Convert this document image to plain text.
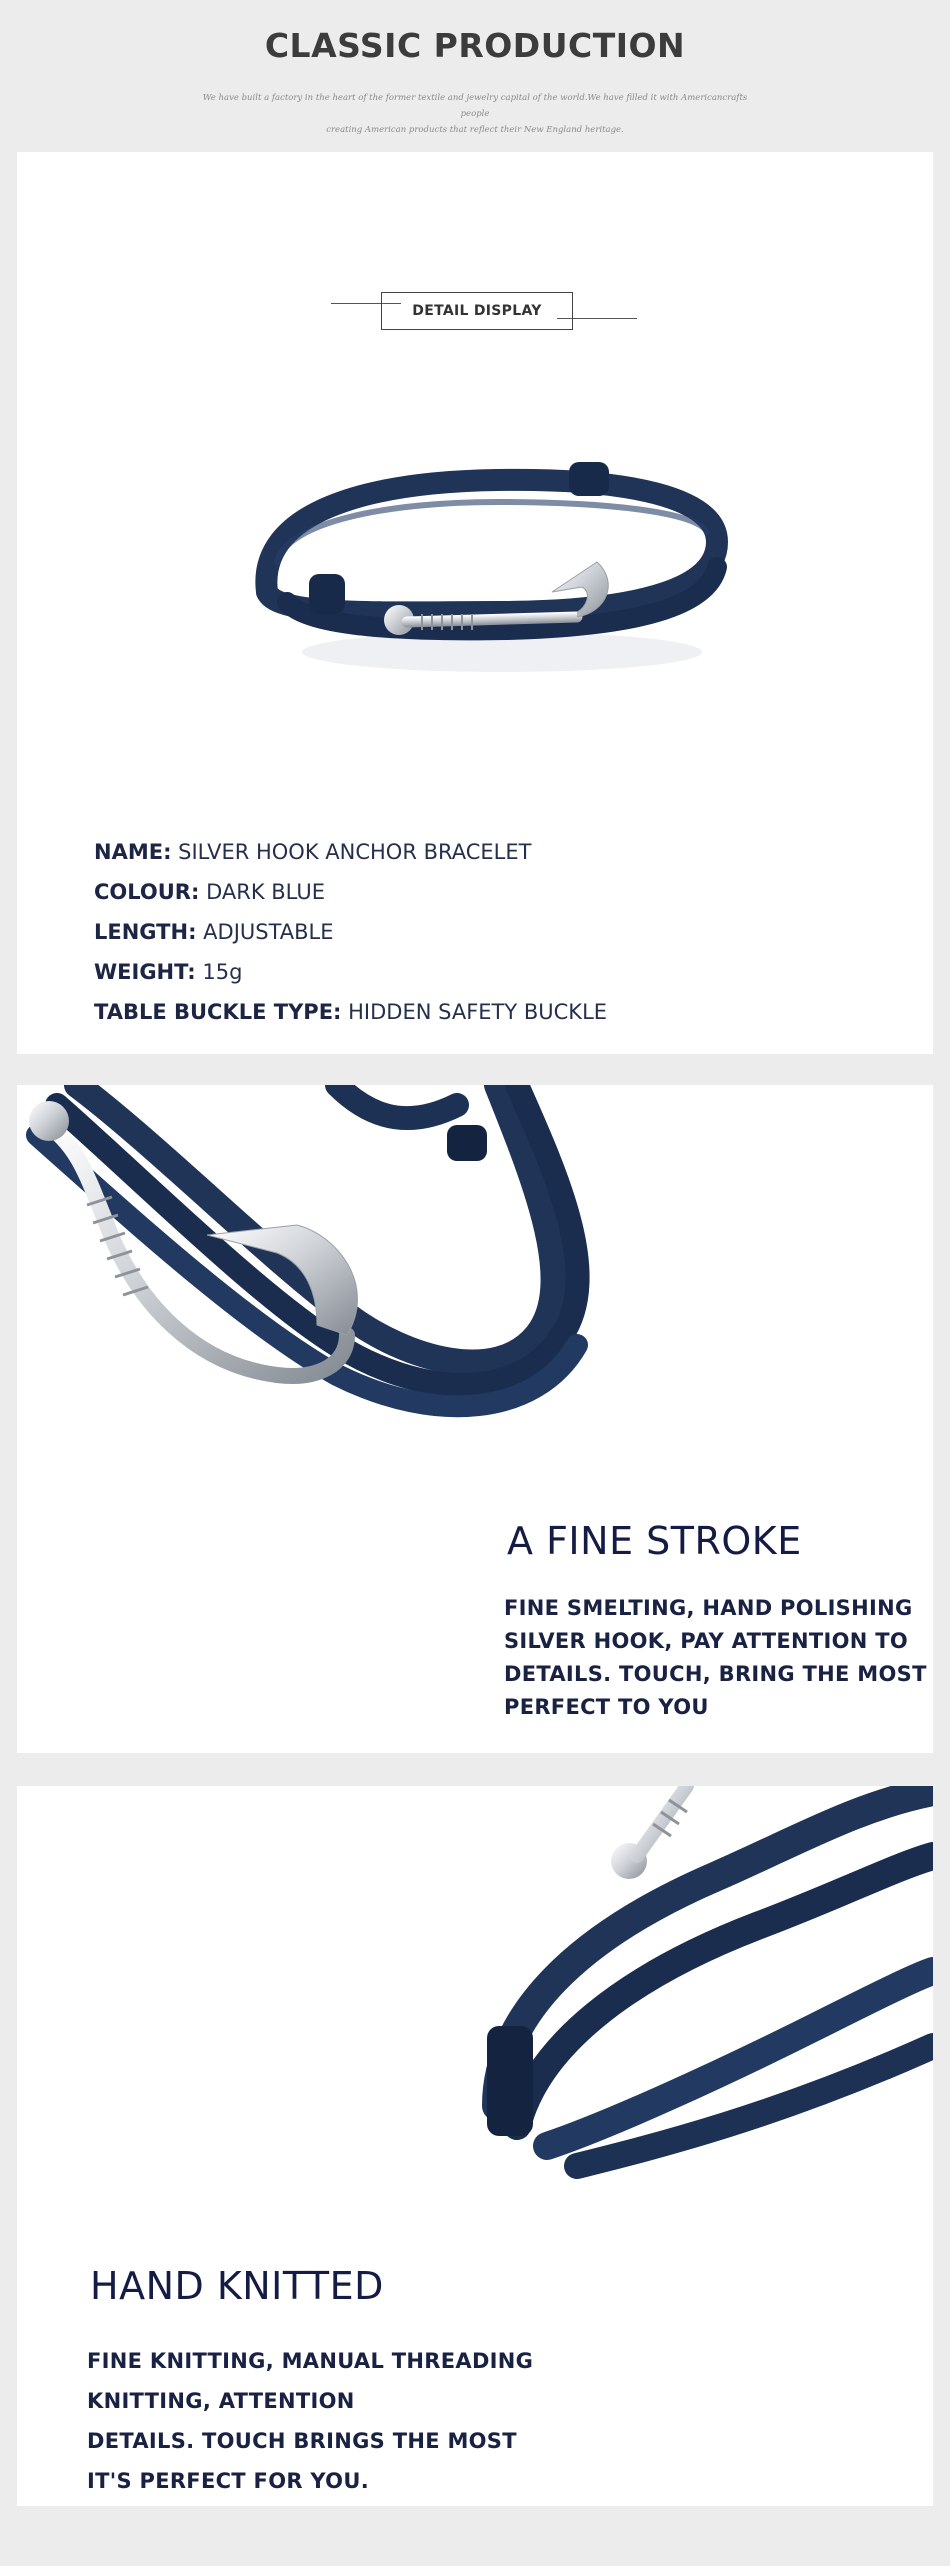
CLASSIC PRODUCTION
We have built a factory in the heart of the former textile and jewelry capital of the world.We have filled it with Americancrafts people
creating American products that reflect their New England heritage.
DETAIL DISPLAY
NAME: SILVER HOOK ANCHOR BRACELET
COLOUR: DARK BLUE
LENGTH: ADJUSTABLE
WEIGHT: 15g
TABLE BUCKLE TYPE: HIDDEN SAFETY BUCKLE
A FINE STROKE
FINE SMELTING, HAND POLISHING
SILVER HOOK, PAY ATTENTION TO
DETAILS. TOUCH, BRING THE MOST
PERFECT TO YOU
HAND KNITTED
FINE KNITTING, MANUAL THREADING
KNITTING, ATTENTION
DETAILS. TOUCH BRINGS THE MOST
IT'S PERFECT FOR YOU.
